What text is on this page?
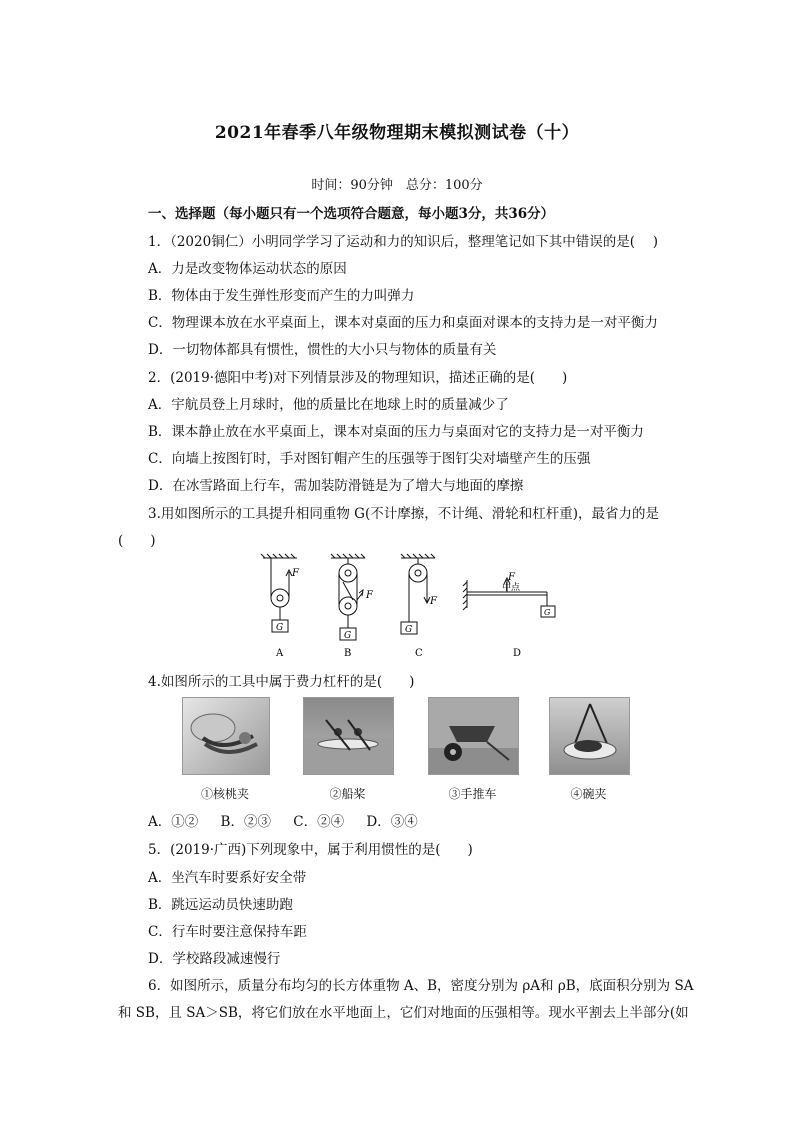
2021年春季八年级物理期末模拟测试卷（十）
时间：90分钟　总分：100分
一、选择题（每小题只有一个选项符合题意，每小题3分，共36分）
1．（2020铜仁）小明同学学习了运动和力的知识后，整理笔记如下其中错误的是(　 )
A．力是改变物体运动状态的原因
B．物体由于发生弹性形变而产生的力叫弹力
C．物理课本放在水平桌面上，课本对桌面的压力和桌面对课本的支持力是一对平衡力
D．一切物体都具有惯性，惯性的大小只与物体的质量有关
2．(2019·德阳中考)对下列情景涉及的物理知识，描述正确的是(　　)
A．宇航员登上月球时，他的质量比在地球上时的质量减少了
B．课本静止放在水平桌面上，课本对桌面的压力与桌面对它的支持力是一对平衡力
C．向墙上按图钉时，手对图钉帽产生的压强等于图钉尖对墙壁产生的压强
D．在冰雪路面上行车，需加装防滑链是为了增大与地面的摩擦
3.用如图所示的工具提升相同重物 G(不计摩擦，不计绳、滑轮和杠杆重)，最省力的是
(　　)
F
G
A
F
G
B
F
G
C
F
中点
G
D
4.如图所示的工具中属于费力杠杆的是(　　)
①核桃夹	②船桨	③手推车	④碗夹
A．①② B．②③ C．②④ D．③④
5．(2019·广西)下列现象中，属于利用惯性的是(　　)
A．坐汽车时要系好安全带
B．跳远运动员快速助跑
C．行车时要注意保持车距
D．学校路段减速慢行
6．如图所示，质量分布均匀的长方体重物 A、B，密度分别为 ρA和 ρB，底面积分别为 SA
和 SB，且 SA＞SB，将它们放在水平地面上，它们对地面的压强相等。现水平割去上半部分(如
